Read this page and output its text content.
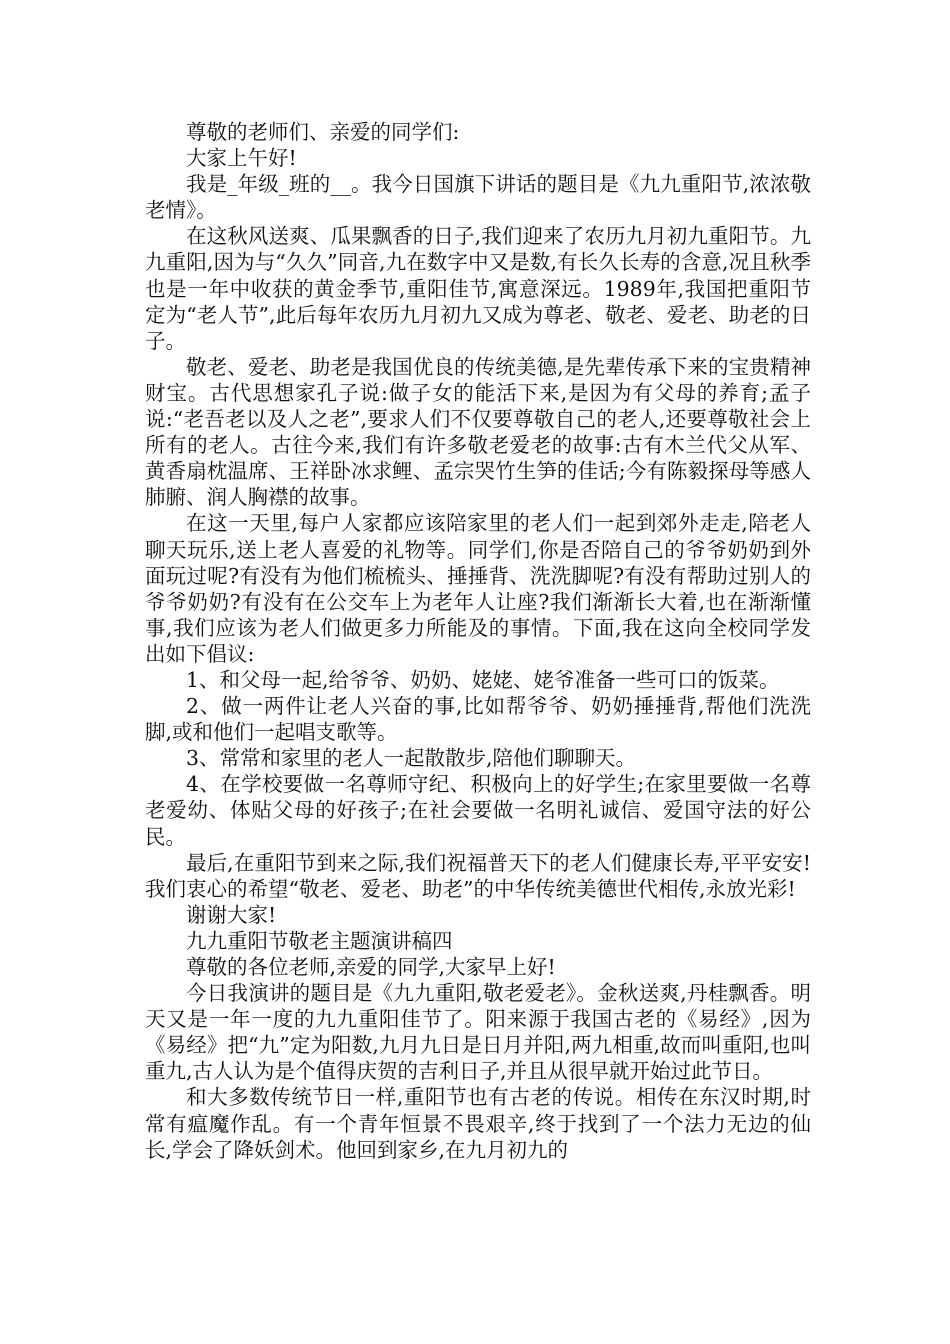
尊敬的老师们、亲爱的同学们:

大家上午好!

我是_年级_班的__。我今日国旗下讲话的题目是《九九重阳节,浓浓敬老情》。

在这秋风送爽、瓜果飘香的日子,我们迎来了农历九月初九重阳节。九九重阳,因为与“久久”同音,九在数字中又是数,有长久长寿的含意,况且秋季也是一年中收获的黄金季节,重阳佳节,寓意深远。1989年,我国把重阳节定为“老人节”,此后每年农历九月初九又成为尊老、敬老、爱老、助老的日子。

敬老、爱老、助老是我国优良的传统美德,是先辈传承下来的宝贵精神财宝。古代思想家孔子说:做子女的能活下来,是因为有父母的养育;孟子说:“老吾老以及人之老”,要求人们不仅要尊敬自己的老人,还要尊敬社会上所有的老人。古往今来,我们有许多敬老爱老的故事:古有木兰代父从军、黄香扇枕温席、王祥卧冰求鲤、孟宗哭竹生笋的佳话;今有陈毅探母等感人肺腑、润人胸襟的故事。

在这一天里,每户人家都应该陪家里的老人们一起到郊外走走,陪老人聊天玩乐,送上老人喜爱的礼物等。同学们,你是否陪自己的爷爷奶奶到外面玩过呢?有没有为他们梳梳头、捶捶背、洗洗脚呢?有没有帮助过别人的爷爷奶奶?有没有在公交车上为老年人让座?我们渐渐长大着,也在渐渐懂事,我们应该为老人们做更多力所能及的事情。下面,我在这向全校同学发出如下倡议:

1、和父母一起,给爷爷、奶奶、姥姥、姥爷准备一些可口的饭菜。

2、做一两件让老人兴奋的事,比如帮爷爷、奶奶捶捶背,帮他们洗洗脚,或和他们一起唱支歌等。

3、常常和家里的老人一起散散步,陪他们聊聊天。

4、在学校要做一名尊师守纪、积极向上的好学生;在家里要做一名尊老爱幼、体贴父母的好孩子;在社会要做一名明礼诚信、爱国守法的好公民。

最后,在重阳节到来之际,我们祝福普天下的老人们健康长寿,平平安安!我们衷心的希望“敬老、爱老、助老”的中华传统美德世代相传,永放光彩!

谢谢大家!

九九重阳节敬老主题演讲稿四

尊敬的各位老师,亲爱的同学,大家早上好!

今日我演讲的题目是《九九重阳,敬老爱老》。金秋送爽,丹桂飘香。明天又是一年一度的九九重阳佳节了。阳来源于我国古老的《易经》,因为《易经》把“九”定为阳数,九月九日是日月并阳,两九相重,故而叫重阳,也叫重九,古人认为是个值得庆贺的吉利日子,并且从很早就开始过此节日。

和大多数传统节日一样,重阳节也有古老的传说。相传在东汉时期,时常有瘟魔作乱。有一个青年恒景不畏艰辛,终于找到了一个法力无边的仙长,学会了降妖剑术。他回到家乡,在九月初九的
